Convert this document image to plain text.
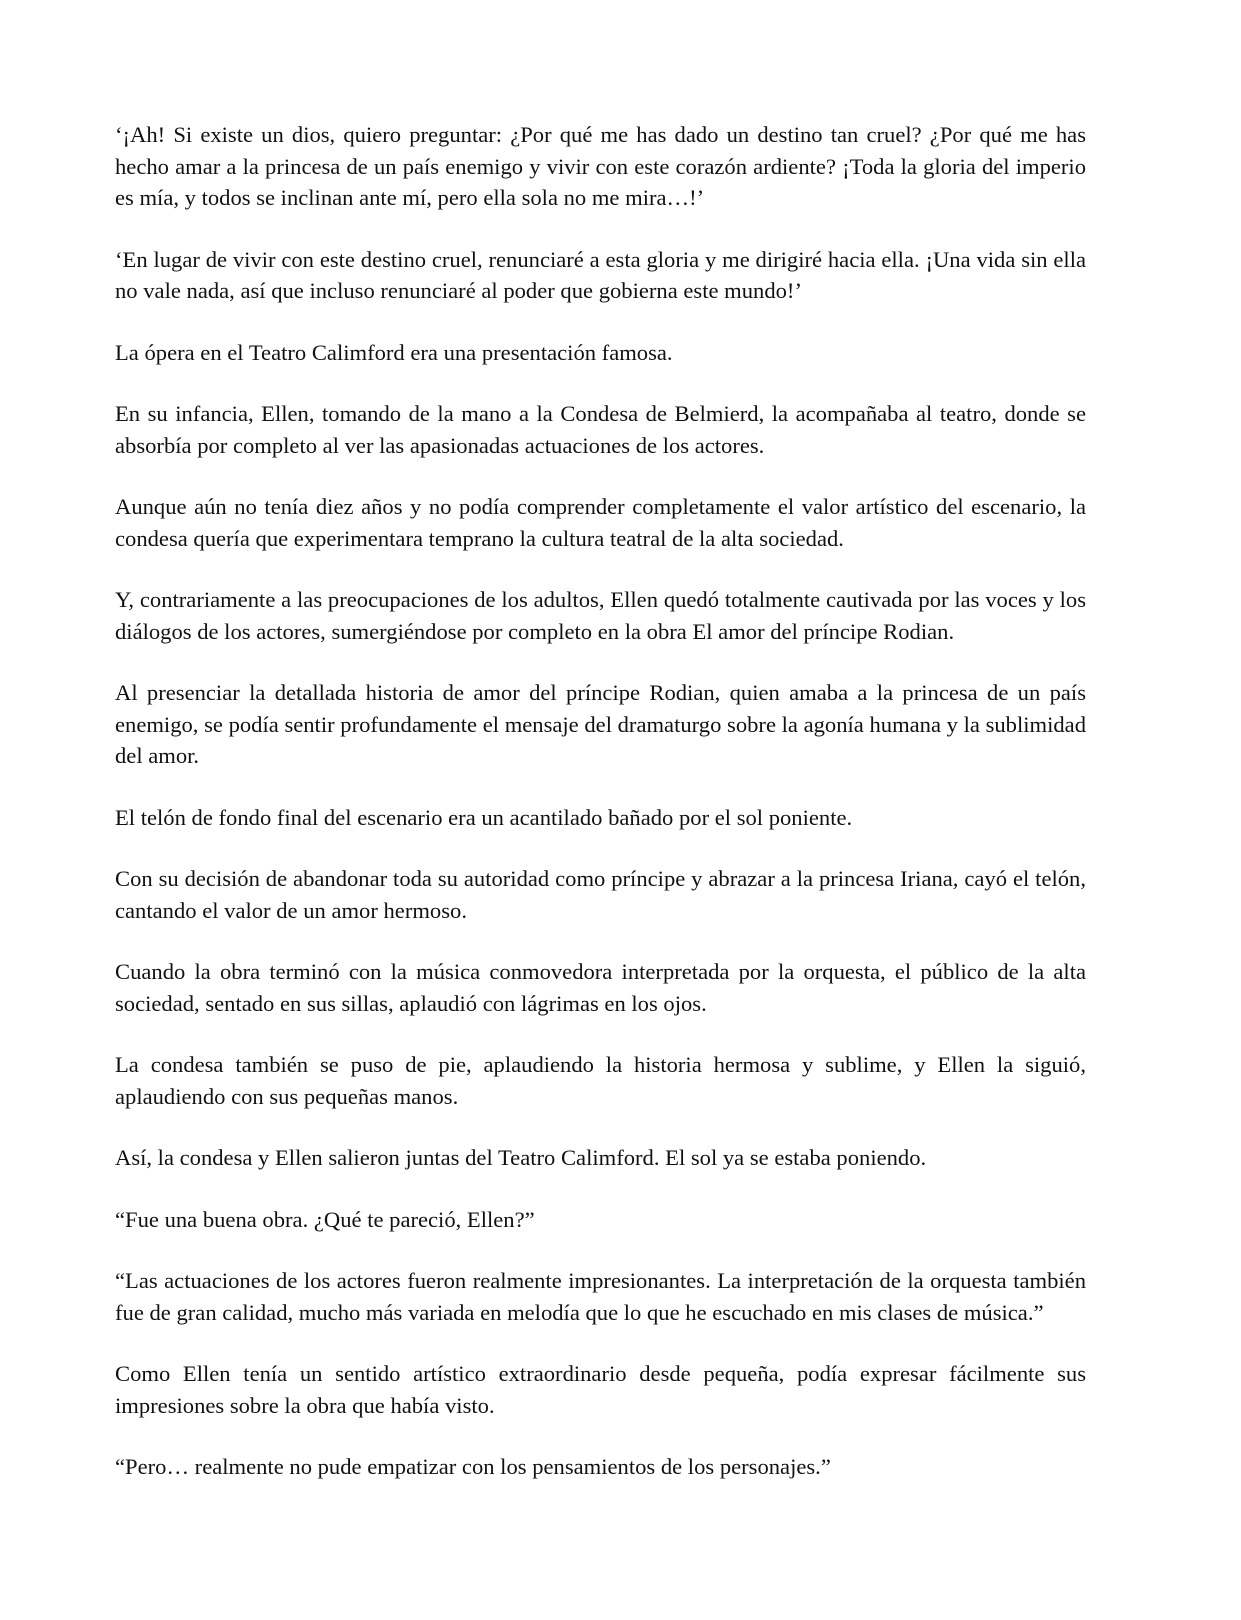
‘¡Ah! Si existe un dios, quiero preguntar: ¿Por qué me has dado un destino tan cruel? ¿Por qué me has hecho amar a la princesa de un país enemigo y vivir con este corazón ardiente? ¡Toda la gloria del imperio es mía, y todos se inclinan ante mí, pero ella sola no me mira…!’

‘En lugar de vivir con este destino cruel, renunciaré a esta gloria y me dirigiré hacia ella. ¡Una vida sin ella no vale nada, así que incluso renunciaré al poder que gobierna este mundo!’

La ópera en el Teatro Calimford era una presentación famosa.

En su infancia, Ellen, tomando de la mano a la Condesa de Belmierd, la acompañaba al teatro, donde se absorbía por completo al ver las apasionadas actuaciones de los actores.

Aunque aún no tenía diez años y no podía comprender completamente el valor artístico del escenario, la condesa quería que experimentara temprano la cultura teatral de la alta sociedad.

Y, contrariamente a las preocupaciones de los adultos, Ellen quedó totalmente cautivada por las voces y los diálogos de los actores, sumergiéndose por completo en la obra El amor del príncipe Rodian.

Al presenciar la detallada historia de amor del príncipe Rodian, quien amaba a la princesa de un país enemigo, se podía sentir profundamente el mensaje del dramaturgo sobre la agonía humana y la sublimidad del amor.

El telón de fondo final del escenario era un acantilado bañado por el sol poniente.

Con su decisión de abandonar toda su autoridad como príncipe y abrazar a la princesa Iriana, cayó el telón, cantando el valor de un amor hermoso.

Cuando la obra terminó con la música conmovedora interpretada por la orquesta, el público de la alta sociedad, sentado en sus sillas, aplaudió con lágrimas en los ojos.

La condesa también se puso de pie, aplaudiendo la historia hermosa y sublime, y Ellen la siguió, aplaudiendo con sus pequeñas manos.

Así, la condesa y Ellen salieron juntas del Teatro Calimford. El sol ya se estaba poniendo.

“Fue una buena obra. ¿Qué te pareció, Ellen?”

“Las actuaciones de los actores fueron realmente impresionantes. La interpretación de la orquesta también fue de gran calidad, mucho más variada en melodía que lo que he escuchado en mis clases de música.”

Como Ellen tenía un sentido artístico extraordinario desde pequeña, podía expresar fácilmente sus impresiones sobre la obra que había visto.

“Pero… realmente no pude empatizar con los pensamientos de los personajes.”
